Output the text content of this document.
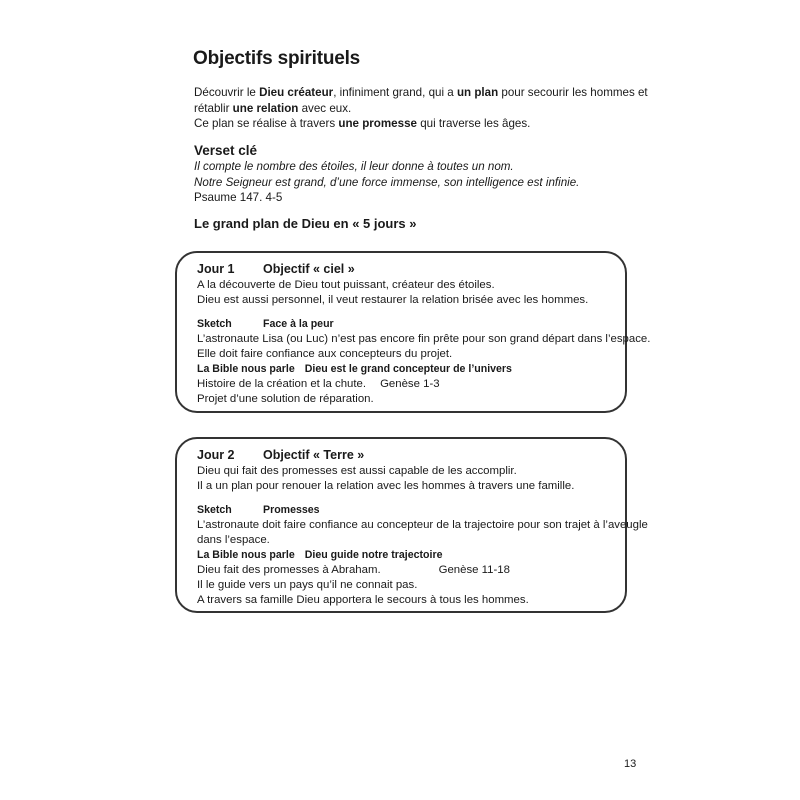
Objectifs spirituels
Découvrir le Dieu créateur, infiniment grand, qui a un plan pour secourir les hommes et
rétablir une relation avec eux.
Ce plan se réalise à travers une promesse qui traverse les âges.
Verset clé
Il compte le nombre des étoiles, il leur donne à toutes un nom.
Notre Seigneur est grand, d’une force immense, son intelligence est infinie.
Psaume 147. 4-5
Le grand plan de Dieu en « 5 jours »
Jour 1 Objectif « ciel »
A la découverte de Dieu tout puissant, créateur des étoiles.
Dieu est aussi personnel, il veut restaurer la relation brisée avec les hommes.
Sketch	Face à la peur
L’astronaute Lisa (ou Luc) n’est pas encore fin prête pour son grand départ dans l’espace.
Elle doit faire confiance aux concepteurs du projet.
La Bible nous parle Dieu est le grand concepteur de l’univers
Histoire de la création et la chute. Genèse 1-3
Projet d’une solution de réparation.
Jour 2 Objectif « Terre »
Dieu qui fait des promesses est aussi capable de les accomplir.
Il a un plan pour renouer la relation avec les hommes à travers une famille.
Sketch	Promesses
L’astronaute doit faire confiance au concepteur de la trajectoire pour son trajet à l’aveugle
dans l’espace.
La Bible nous parle Dieu guide notre trajectoire
Dieu fait des promesses à Abraham.	Genèse 11-18
Il le guide vers un pays qu’il ne connait pas.
A travers sa famille Dieu apportera le secours à tous les hommes.
13
